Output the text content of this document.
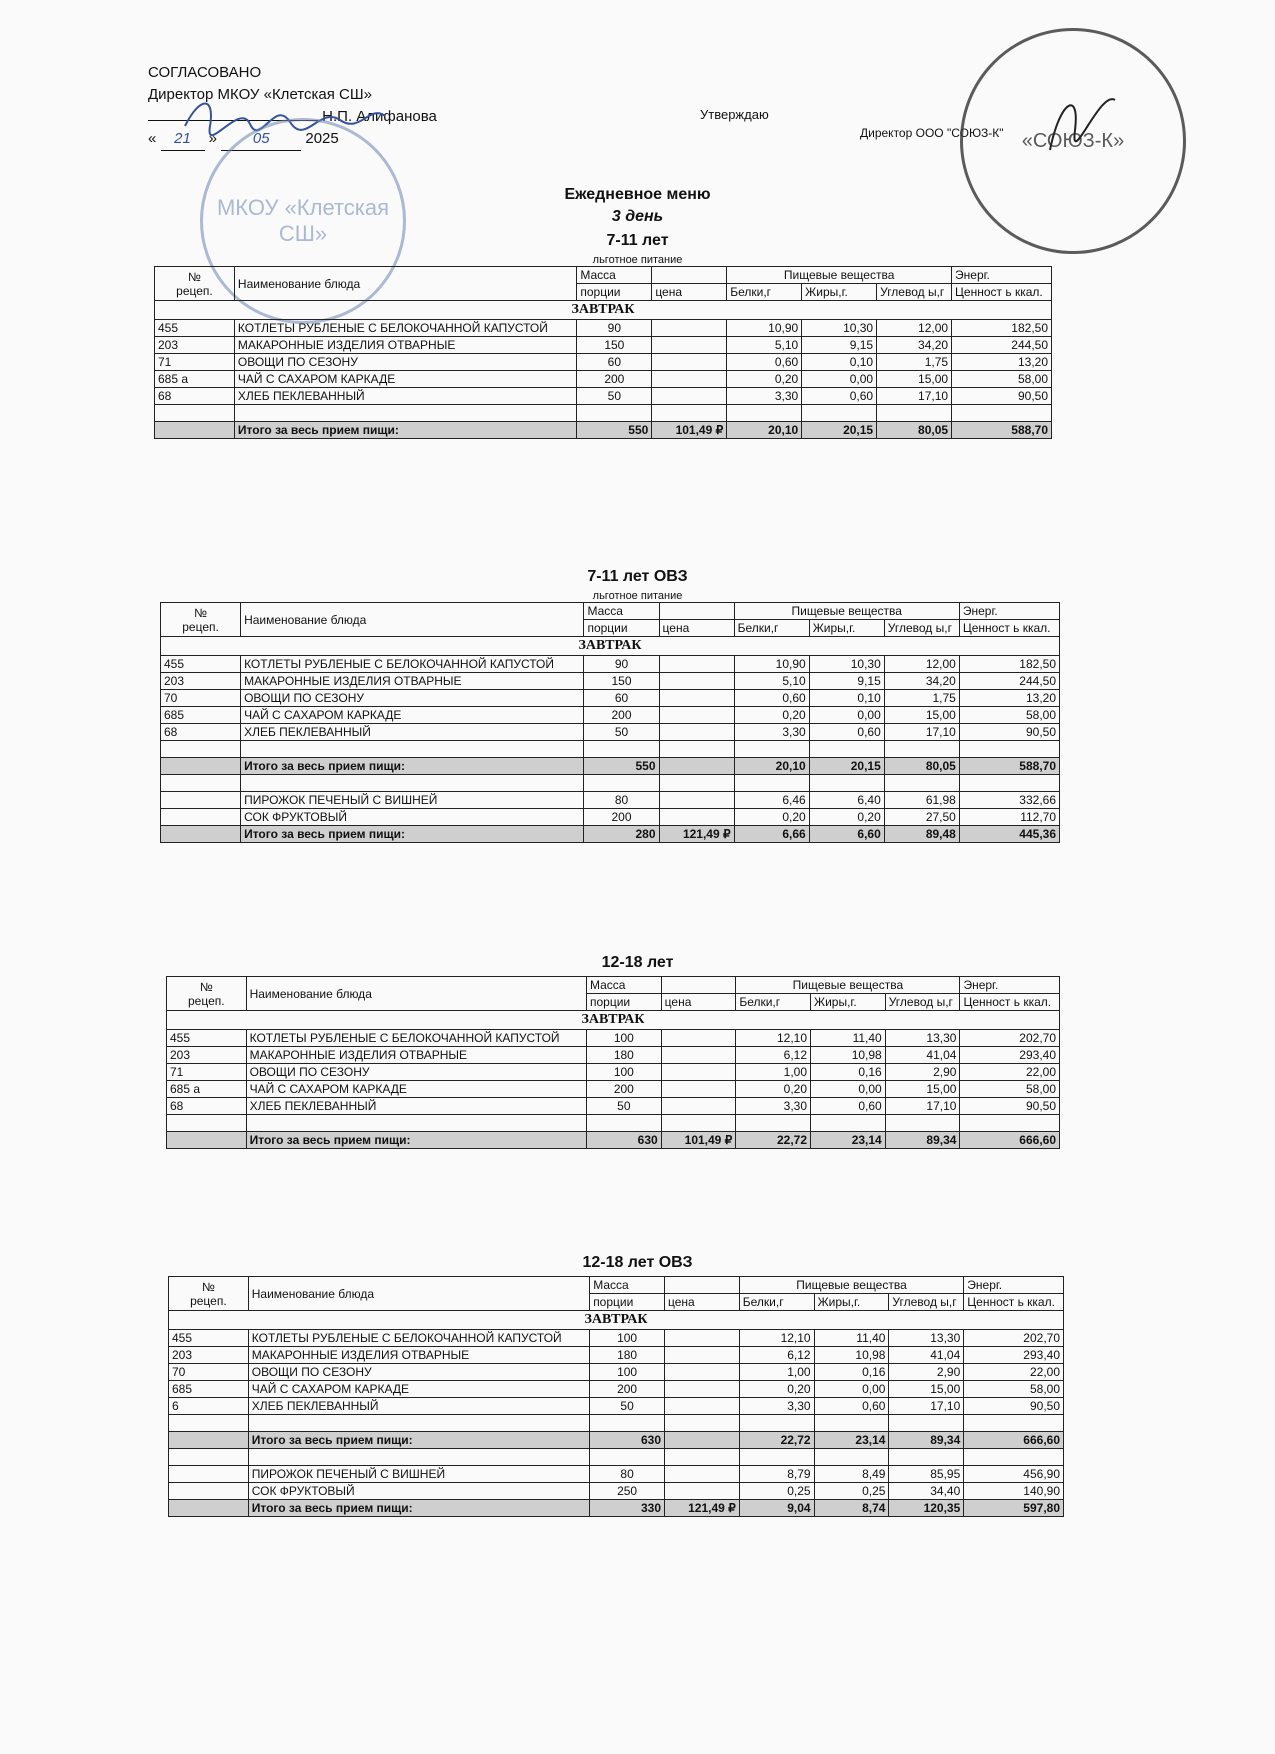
СОГЛАСОВАНО
Директор МКОУ «Клетская СШ»
Н.П. Алифанова
« 21 » 05 2025
МКОУ «Клетская СШ»
Утверждаю
Директор ООО "СОЮЗ-К" «СОЮЗ-К»
Ежедневное меню
3 день
7-11 лет
льготное питание
№
рецеп.	Наименование блюда	Масса		Пищевые вещества			Энерг.
		порции	цена	Белки,г	Жиры,г.	Углевод ы,г	Ценност ь ккал.
ЗАВТРАК							
455	КОТЛЕТЫ РУБЛЕНЫЕ С БЕЛОКОЧАННОЙ КАПУСТОЙ	90		10,90	10,30	12,00	182,50
203	МАКАРОННЫЕ ИЗДЕЛИЯ ОТВАРНЫЕ	150		5,10	9,15	34,20	244,50
71	ОВОЩИ ПО СЕЗОНУ	60		0,60	0,10	1,75	13,20
685 а	ЧАЙ С САХАРОМ КАРКАДЕ	200		0,20	0,00	15,00	58,00
68	ХЛЕБ ПЕКЛЕВАННЫЙ	50		3,30	0,60	17,10	90,50

	Итого за весь прием пищи:	550	101,49 ₽	20,10	20,15	80,05	588,70
7-11 лет ОВЗ
льготное питание
№
рецеп.	Наименование блюда	Масса		Пищевые вещества			Энерг.
		порции	цена	Белки,г	Жиры,г.	Углевод ы,г	Ценност ь ккал.
ЗАВТРАК							
455	КОТЛЕТЫ РУБЛЕНЫЕ С БЕЛОКОЧАННОЙ КАПУСТОЙ	90		10,90	10,30	12,00	182,50
203	МАКАРОННЫЕ ИЗДЕЛИЯ ОТВАРНЫЕ	150		5,10	9,15	34,20	244,50
70	ОВОЩИ ПО СЕЗОНУ	60		0,60	0,10	1,75	13,20
685	ЧАЙ С САХАРОМ КАРКАДЕ	200		0,20	0,00	15,00	58,00
68	ХЛЕБ ПЕКЛЕВАННЫЙ	50		3,30	0,60	17,10	90,50

	Итого за весь прием пищи:	550		20,10	20,15	80,05	588,70

	ПИРОЖОК ПЕЧЕНЫЙ С ВИШНЕЙ	80		6,46	6,40	61,98	332,66
	СОК ФРУКТОВЫЙ	200		0,20	0,20	27,50	112,70
	Итого за весь прием пищи:	280	121,49 ₽	6,66	6,60	89,48	445,36
12-18 лет
№
рецеп.	Наименование блюда	Масса		Пищевые вещества			Энерг.
		порции	цена	Белки,г	Жиры,г.	Углевод ы,г	Ценност ь ккал.
ЗАВТРАК							
455	КОТЛЕТЫ РУБЛЕНЫЕ С БЕЛОКОЧАННОЙ КАПУСТОЙ	100		12,10	11,40	13,30	202,70
203	МАКАРОННЫЕ ИЗДЕЛИЯ ОТВАРНЫЕ	180		6,12	10,98	41,04	293,40
71	ОВОЩИ ПО СЕЗОНУ	100		1,00	0,16	2,90	22,00
685 а	ЧАЙ С САХАРОМ КАРКАДЕ	200		0,20	0,00	15,00	58,00
68	ХЛЕБ ПЕКЛЕВАННЫЙ	50		3,30	0,60	17,10	90,50

	Итого за весь прием пищи:	630	101,49 ₽	22,72	23,14	89,34	666,60
12-18 лет ОВЗ
№
рецеп.	Наименование блюда	Масса		Пищевые вещества			Энерг.
		порции	цена	Белки,г	Жиры,г.	Углевод ы,г	Ценност ь ккал.
ЗАВТРАК							
455	КОТЛЕТЫ РУБЛЕНЫЕ С БЕЛОКОЧАННОЙ КАПУСТОЙ	100		12,10	11,40	13,30	202,70
203	МАКАРОННЫЕ ИЗДЕЛИЯ ОТВАРНЫЕ	180		6,12	10,98	41,04	293,40
70	ОВОЩИ ПО СЕЗОНУ	100		1,00	0,16	2,90	22,00
685	ЧАЙ С САХАРОМ КАРКАДЕ	200		0,20	0,00	15,00	58,00
6	ХЛЕБ ПЕКЛЕВАННЫЙ	50		3,30	0,60	17,10	90,50

	Итого за весь прием пищи:	630		22,72	23,14	89,34	666,60

	ПИРОЖОК ПЕЧЕНЫЙ С ВИШНЕЙ	80		8,79	8,49	85,95	456,90
	СОК ФРУКТОВЫЙ	250		0,25	0,25	34,40	140,90
	Итого за весь прием пищи:	330	121,49 ₽	9,04	8,74	120,35	597,80
